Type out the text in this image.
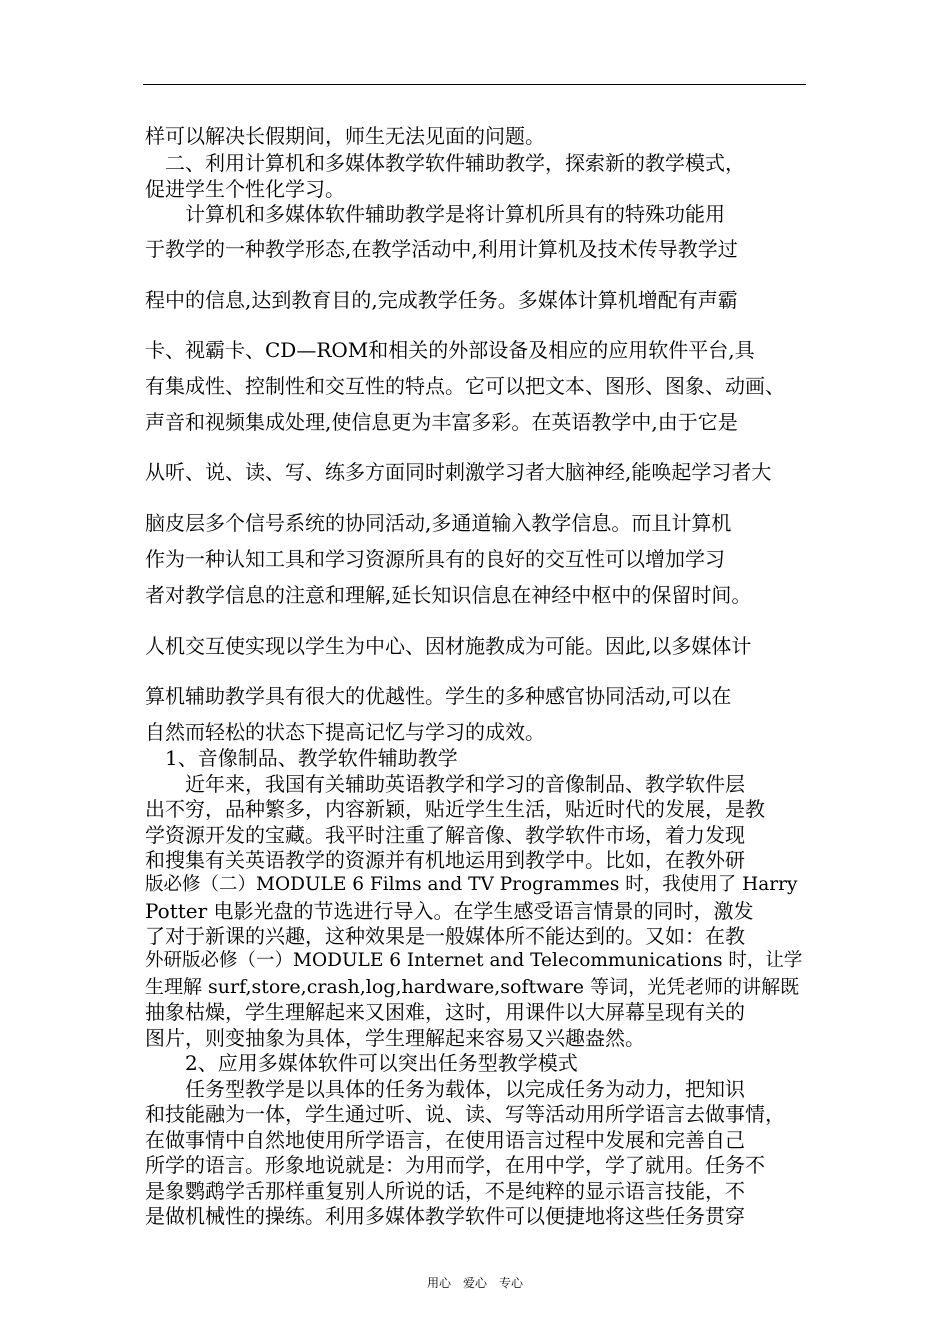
样可以解决长假期间，师生无法见面的问题。
　二、利用计算机和多媒体教学软件辅助教学，探索新的教学模式，
促进学生个性化学习。
　　计算机和多媒体软件辅助教学是将计算机所具有的特殊功能用
于教学的一种教学形态,在教学活动中,利用计算机及技术传导教学过
程中的信息,达到教育目的,完成教学任务。多媒体计算机增配有声霸
卡、视霸卡、CD—ROM和相关的外部设备及相应的应用软件平台,具
有集成性、控制性和交互性的特点。它可以把文本、图形、图象、动画、
声音和视频集成处理,使信息更为丰富多彩。在英语教学中,由于它是
从听、说、读、写、练多方面同时刺激学习者大脑神经,能唤起学习者大
脑皮层多个信号系统的协同活动,多通道输入教学信息。而且计算机
作为一种认知工具和学习资源所具有的良好的交互性可以增加学习
者对教学信息的注意和理解,延长知识信息在神经中枢中的保留时间。
人机交互使实现以学生为中心、因材施教成为可能。因此,以多媒体计
算机辅助教学具有很大的优越性。学生的多种感官协同活动,可以在
自然而轻松的状态下提高记忆与学习的成效。
　1、音像制品、教学软件辅助教学
　　近年来，我国有关辅助英语教学和学习的音像制品、教学软件层
出不穷，品种繁多，内容新颖，贴近学生生活，贴近时代的发展，是教
学资源开发的宝藏。我平时注重了解音像、教学软件市场，着力发现
和搜集有关英语教学的资源并有机地运用到教学中。比如，在教外研
版必修（二）MODULE 6 Films and TV Programmes 时，我使用了 Harry
Potter 电影光盘的节选进行导入。在学生感受语言情景的同时，激发
了对于新课的兴趣，这种效果是一般媒体所不能达到的。又如：在教
外研版必修（一）MODULE 6 Internet and Telecommunications 时，让学
生理解 surf,store,crash,log,hardware,software 等词，光凭老师的讲解既
抽象枯燥，学生理解起来又困难，这时，用课件以大屏幕呈现有关的
图片，则变抽象为具体，学生理解起来容易又兴趣盎然。
　　2、应用多媒体软件可以突出任务型教学模式
　　任务型教学是以具体的任务为载体，以完成任务为动力，把知识
和技能融为一体，学生通过听、说、读、写等活动用所学语言去做事情，
在做事情中自然地使用所学语言，在使用语言过程中发展和完善自己
所学的语言。形象地说就是：为用而学，在用中学，学了就用。任务不
是象鹦鹉学舌那样重复别人所说的话，不是纯粹的显示语言技能，不
是做机械性的操练。利用多媒体教学软件可以便捷地将这些任务贯穿
用心　爱心　专心
